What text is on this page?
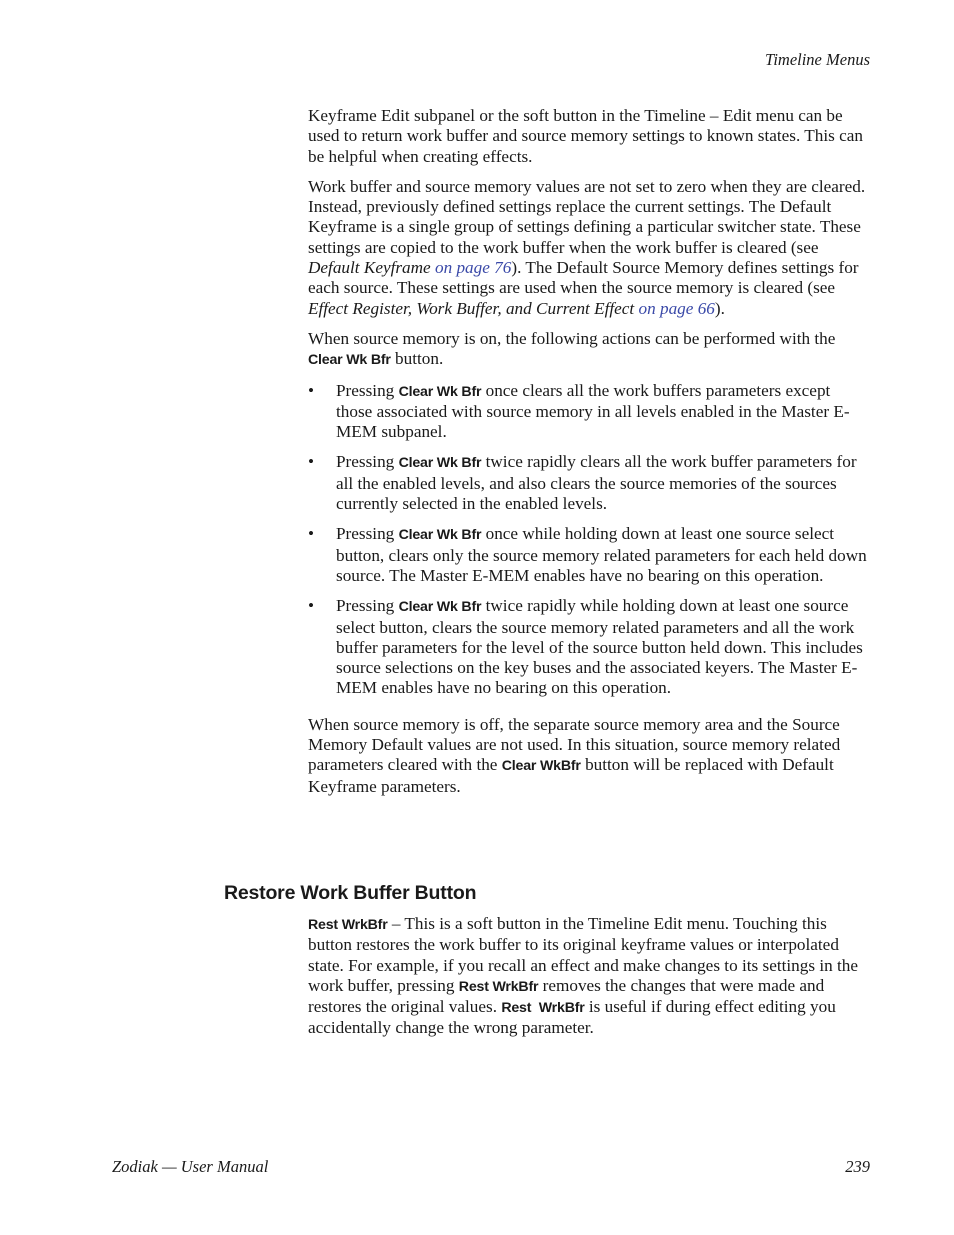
Timeline Menus

Keyframe Edit subpanel or the soft button in the Timeline – Edit menu can be used to return work buffer and source memory settings to known states. This can be helpful when creating effects.

Work buffer and source memory values are not set to zero when they are cleared. Instead, previously defined settings replace the current settings. The Default Keyframe is a single group of settings defining a particular switcher state. These settings are copied to the work buffer when the work buffer is cleared (see Default Keyframe on page 76). The Default Source Memory defines settings for each source. These settings are used when the source memory is cleared (see Effect Register, Work Buffer, and Current Effect on page 66).

When source memory is on, the following actions can be performed with the Clear Wk Bfr button.

• Pressing Clear Wk Bfr once clears all the work buffers parameters except those associated with source memory in all levels enabled in the Master E-MEM subpanel.
• Pressing Clear Wk Bfr twice rapidly clears all the work buffer parameters for all the enabled levels, and also clears the source memories of the sources currently selected in the enabled levels.
• Pressing Clear Wk Bfr once while holding down at least one source select button, clears only the source memory related parameters for each held down source. The Master E-MEM enables have no bearing on this operation.
• Pressing Clear Wk Bfr twice rapidly while holding down at least one source select button, clears the source memory related parameters and all the work buffer parameters for the level of the source button held down. This includes source selections on the key buses and the associated keyers. The Master E-MEM enables have no bearing on this operation.

When source memory is off, the separate source memory area and the Source Memory Default values are not used. In this situation, source memory related parameters cleared with the Clear WkBfr button will be replaced with Default Keyframe parameters.

Restore Work Buffer Button

Rest WrkBfr – This is a soft button in the Timeline Edit menu. Touching this button restores the work buffer to its original keyframe values or interpolated state. For example, if you recall an effect and make changes to its settings in the work buffer, pressing Rest WrkBfr removes the changes that were made and restores the original values. Rest  WrkBfr is useful if during effect editing you accidentally change the wrong parameter.

Zodiak — User Manual	239
